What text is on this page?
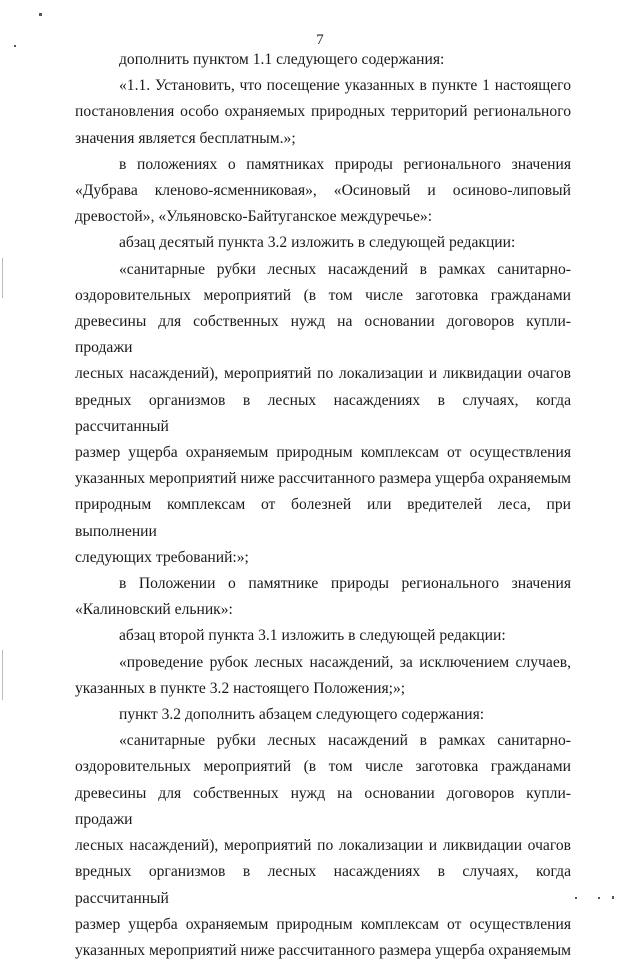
7

дополнить пунктом 1.1 следующего содержания:

«1.1. Установить, что посещение указанных в пункте 1 настоящего
постановления особо охраняемых природных территорий регионального
значения является бесплатным.»;

в положениях о памятниках природы регионального значения
«Дубрава кленово-ясменниковая», «Осиновый и осиново-липовый
древостой», «Ульяновско-Байтуганское междуречье»:

абзац десятый пункта 3.2 изложить в следующей редакции:

«санитарные рубки лесных насаждений в рамках санитарно-
оздоровительных мероприятий (в том числе заготовка гражданами
древесины для собственных нужд на основании договоров купли-продажи
лесных насаждений), мероприятий по локализации и ликвидации очагов
вредных организмов в лесных насаждениях в случаях, когда рассчитанный
размер ущерба охраняемым природным комплексам от осуществления
указанных мероприятий ниже рассчитанного размера ущерба охраняемым
природным комплексам от болезней или вредителей леса, при выполнении
следующих требований:»;

в Положении о памятнике природы регионального значения
«Калиновский ельник»:

абзац второй пункта 3.1 изложить в следующей редакции:

«проведение рубок лесных насаждений, за исключением случаев,
указанных в пункте 3.2 настоящего Положения;»;

пункт 3.2 дополнить абзацем следующего содержания:

«санитарные рубки лесных насаждений в рамках санитарно-
оздоровительных мероприятий (в том числе заготовка гражданами
древесины для собственных нужд на основании договоров купли-продажи
лесных насаждений), мероприятий по локализации и ликвидации очагов
вредных организмов в лесных насаждениях в случаях, когда рассчитанный
размер ущерба охраняемым природным комплексам от осуществления
указанных мероприятий ниже рассчитанного размера ущерба охраняемым
